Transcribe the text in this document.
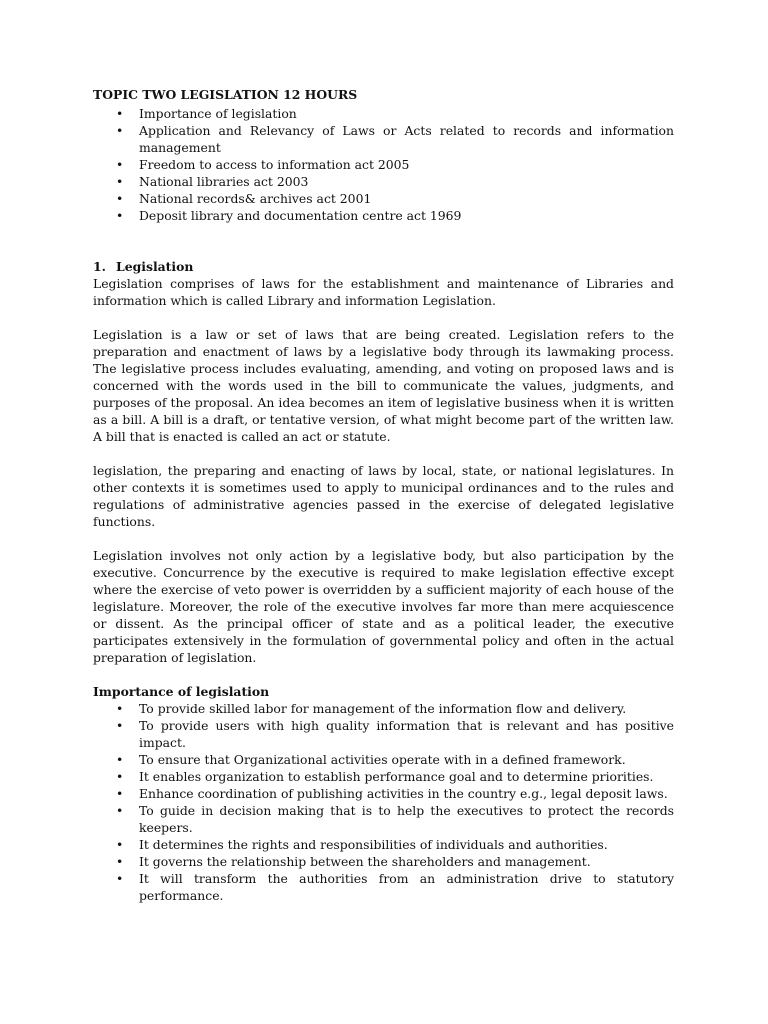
TOPIC TWO LEGISLATION 12 HOURS
• Importance of legislation
• Application and Relevancy of Laws or Acts related to records and information management
• Freedom to access to information act 2005
• National libraries act 2003
• National records& archives act 2001
• Deposit library and documentation centre act 1969
1. Legislation

Legislation comprises of laws for the establishment and maintenance of Libraries and information which is called Library and information Legislation.

Legislation is a law or set of laws that are being created. Legislation refers to the preparation and enactment of laws by a legislative body through its lawmaking process. The legislative process includes evaluating, amending, and voting on proposed laws and is concerned with the words used in the bill to communicate the values, judgments, and purposes of the proposal. An idea becomes an item of legislative business when it is written as a bill. A bill is a draft, or tentative version, of what might become part of the written law. A bill that is enacted is called an act or statute.

legislation, the preparing and enacting of laws by local, state, or national legislatures. In other contexts it is sometimes used to apply to municipal ordinances and to the rules and regulations of administrative agencies passed in the exercise of delegated legislative functions.

Legislation involves not only action by a legislative body, but also participation by the executive. Concurrence by the executive is required to make legislation effective except where the exercise of veto power is overridden by a sufficient majority of each house of the legislature. Moreover, the role of the executive involves far more than mere acquiescence or dissent. As the principal officer of state and as a political leader, the executive participates extensively in the formulation of governmental policy and often in the actual preparation of legislation.

Importance of legislation
• To provide skilled labor for management of the information flow and delivery.
• To provide users with high quality information that is relevant and has positive impact.
• To ensure that Organizational activities operate with in a defined framework.
• It enables organization to establish performance goal and to determine priorities.
• Enhance coordination of publishing activities in the country e.g., legal deposit laws.
• To guide in decision making that is to help the executives to protect the records keepers.
• It determines the rights and responsibilities of individuals and authorities.
• It governs the relationship between the shareholders and management.
• It will transform the authorities from an administration drive to statutory performance.
